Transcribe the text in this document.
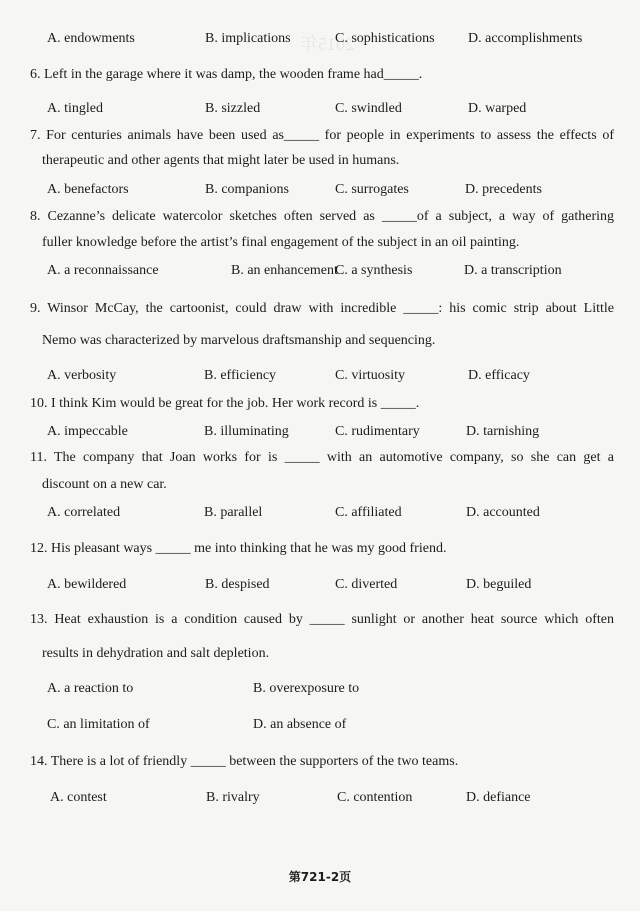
2015年
A. endowments	B. implications	C. sophistications D. accomplishments
6. Left in the garage where it was damp, the wooden frame had_____.
A. tingled	B. sizzled	C. swindled	D. warped
7. For centuries animals have been used as_____ for people in experiments to assess the effects of
therapeutic and other agents that might later be used in humans.
A. benefactors	B. companions	C. surrogates	D. precedents
8. Cezanne’s delicate watercolor sketches often served as _____of a subject, a way of gathering
fuller knowledge before the artist’s final engagement of the subject in an oil painting.
A. a reconnaissance	B. an enhancement
C. a synthesis	D. a transcription
9. Winsor McCay, the cartoonist, could draw with incredible _____: his comic strip about Little
Nemo was characterized by marvelous draftsmanship and sequencing.
A. verbosity	B. efficiency	C. virtuosity	D. efficacy
10. I think Kim would be great for the job. Her work record is _____.
A. impeccable	B. illuminating	C. rudimentary	D. tarnishing
11. The company that Joan works for is _____ with an automotive company, so she can get a
discount on a new car.
A. correlated	B. parallel	C. affiliated	D. accounted
12. His pleasant ways _____ me into thinking that he was my good friend.
A. bewildered	B. despised	C. diverted	D. beguiled
13. Heat exhaustion is a condition caused by _____ sunlight or another heat source which often
results in dehydration and salt depletion.
A. a reaction to	B. overexposure to
C. an limitation of	D. an absence of
14. There is a lot of friendly _____ between the supporters of the two teams.
A. contest	B. rivalry	C. contention	D. defiance
第721-2页
